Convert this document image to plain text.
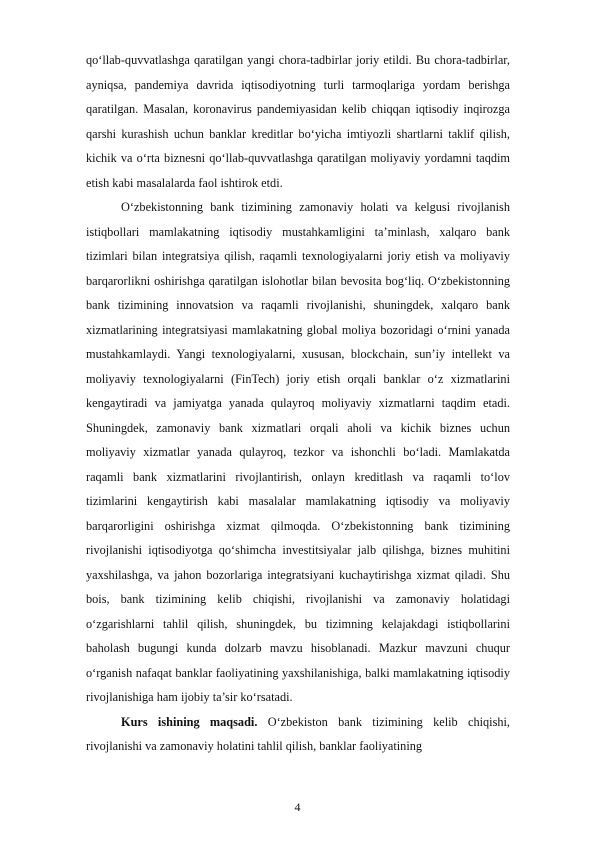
qo‘llab-quvvatlashga qaratilgan yangi chora-tadbirlar joriy etildi. Bu chora-tadbirlar, ayniqsa, pandemiya davrida iqtisodiyotning turli tarmoqlariga yordam berishga qaratilgan. Masalan, koronavirus pandemiyasidan kelib chiqqan iqtisodiy inqirozga qarshi kurashish uchun banklar kreditlar bo‘yicha imtiyozli shartlarni taklif qilish, kichik va o‘rta biznesni qo‘llab-quvvatlashga qaratilgan moliyaviy yordamni taqdim etish kabi masalalarda faol ishtirok etdi.

O‘zbekistonning bank tizimining zamonaviy holati va kelgusi rivojlanish istiqbollari mamlakatning iqtisodiy mustahkamligini ta’minlash, xalqaro bank tizimlari bilan integratsiya qilish, raqamli texnologiyalarni joriy etish va moliyaviy barqarorlikni oshirishga qaratilgan islohotlar bilan bevosita bog‘liq. O‘zbekistonning bank tizimining innovatsion va raqamli rivojlanishi, shuningdek, xalqaro bank xizmatlarining integratsiyasi mamlakatning global moliya bozoridagi o‘rnini yanada mustahkamlaydi. Yangi texnologiyalarni, xususan, blockchain, sun’iy intellekt va moliyaviy texnologiyalarni (FinTech) joriy etish orqali banklar o‘z xizmatlarini kengaytiradi va jamiyatga yanada qulayroq moliyaviy xizmatlarni taqdim etadi. Shuningdek, zamonaviy bank xizmatlari orqali aholi va kichik biznes uchun moliyaviy xizmatlar yanada qulayroq, tezkor va ishonchli bo‘ladi. Mamlakatda raqamli bank xizmatlarini rivojlantirish, onlayn kreditlash va raqamli to‘lov tizimlarini kengaytirish kabi masalalar mamlakatning iqtisodiy va moliyaviy barqarorligini oshirishga xizmat qilmoqda. O‘zbekistonning bank tizimining rivojlanishi iqtisodiyotga qo‘shimcha investitsiyalar jalb qilishga, biznes muhitini yaxshilashga, va jahon bozorlariga integratsiyani kuchaytirishga xizmat qiladi. Shu bois, bank tizimining kelib chiqishi, rivojlanishi va zamonaviy holatidagi o‘zgarishlarni tahlil qilish, shuningdek, bu tizimning kelajakdagi istiqbollarini baholash bugungi kunda dolzarb mavzu hisoblanadi. Mazkur mavzuni chuqur o‘rganish nafaqat banklar faoliyatining yaxshilanishiga, balki mamlakatning iqtisodiy rivojlanishiga ham ijobiy ta’sir ko‘rsatadi.

Kurs ishining maqsadi. O‘zbekiston bank tizimining kelib chiqishi, rivojlanishi va zamonaviy holatini tahlil qilish, banklar faoliyatining

4
